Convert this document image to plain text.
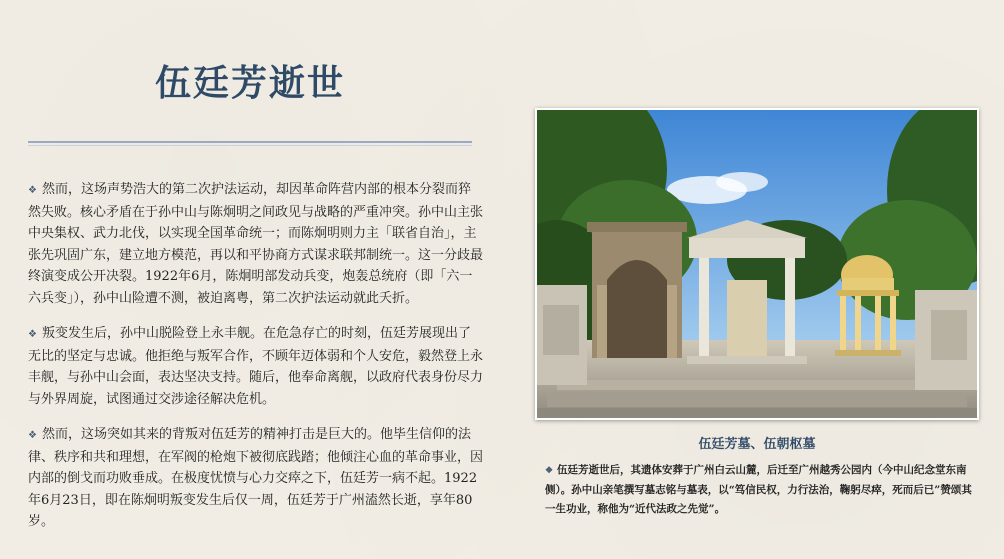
伍廷芳逝世
❖ 然而，这场声势浩大的第二次护法运动，却因革命阵营内部的根本分裂而猝然失败。核心矛盾在于孙中山与陈炯明之间政见与战略的严重冲突。孙中山主张中央集权、武力北伐，以实现全国革命统一；而陈炯明则力主「联省自治」，主张先巩固广东，建立地方模范，再以和平协商方式谋求联邦制统一。这一分歧最终演变成公开决裂。1922年6月，陈炯明部发动兵变，炮轰总统府（即「六一六兵变」），孙中山险遭不测，被迫离粤，第二次护法运动就此夭折。
❖ 叛变发生后，孙中山脱险登上永丰舰。在危急存亡的时刻，伍廷芳展现出了无比的坚定与忠诚。他拒绝与叛军合作，不顾年迈体弱和个人安危，毅然登上永丰舰，与孙中山会面，表达坚决支持。随后，他奉命离舰，以政府代表身份尽力与外界周旋，试图通过交涉途径解决危机。
❖ 然而，这场突如其来的背叛对伍廷芳的精神打击是巨大的。他毕生信仰的法律、秩序和共和理想，在军阀的枪炮下被彻底践踏；他倾注心血的革命事业，因内部的倒戈而功败垂成。在极度忧愤与心力交瘁之下，伍廷芳一病不起。1922年6月23日，即在陈炯明叛变发生后仅一周，伍廷芳于广州溘然长逝，享年80岁。
伍廷芳墓、伍朝枢墓
❖ 伍廷芳逝世后，其遗体安葬于广州白云山麓，后迁至广州越秀公园内（今中山纪念堂东南侧）。孙中山亲笔撰写墓志铭与墓表，以“笃信民权，力行法治，鞠躬尽瘁，死而后已”赞颂其一生功业，称他为“近代法政之先觉”。
